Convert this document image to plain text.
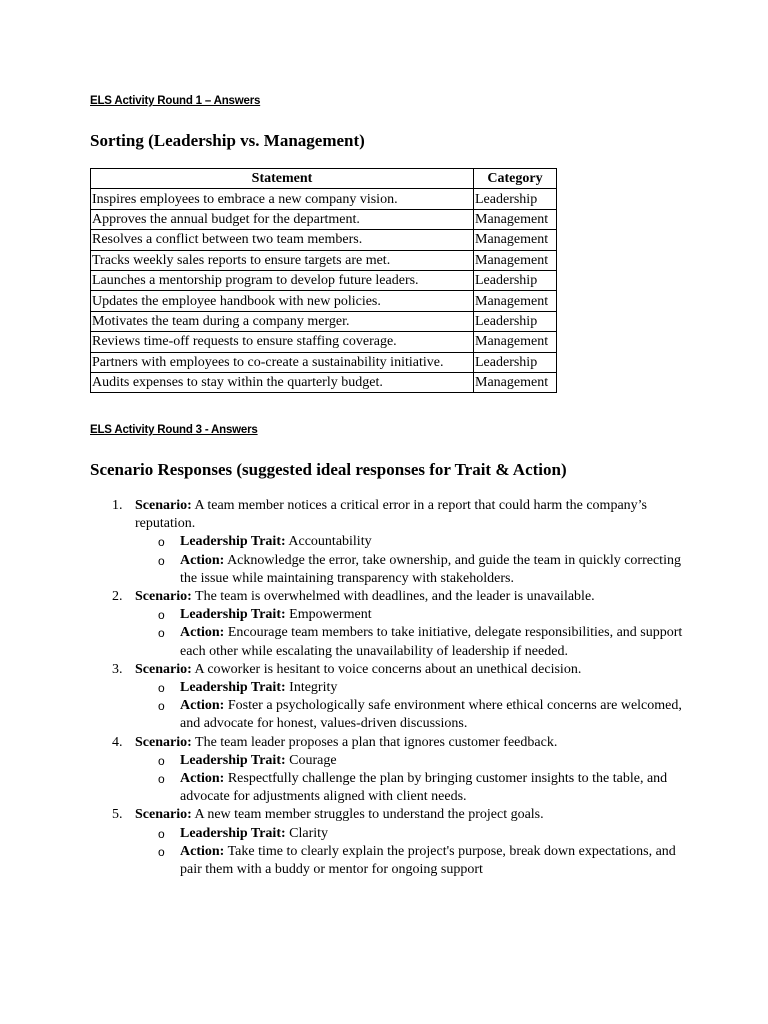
ELS Activity Round 1 – Answers
Sorting (Leadership vs. Management)
Statement	Category
Inspires employees to embrace a new company vision.	Leadership
Approves the annual budget for the department.	Management
Resolves a conflict between two team members.	Management
Tracks weekly sales reports to ensure targets are met.	Management
Launches a mentorship program to develop future leaders.	Leadership
Updates the employee handbook with new policies.	Management
Motivates the team during a company merger.	Leadership
Reviews time-off requests to ensure staffing coverage.	Management
Partners with employees to co-create a sustainability initiative.	Leadership
Audits expenses to stay within the quarterly budget.	Management
ELS Activity Round 3 - Answers
Scenario Responses (suggested ideal responses for Trait & Action)
1. Scenario: A team member notices a critical error in a report that could harm the company’s reputation.
o Leadership Trait: Accountability
o Action: Acknowledge the error, take ownership, and guide the team in quickly correcting the issue while maintaining transparency with stakeholders.
2. Scenario: The team is overwhelmed with deadlines, and the leader is unavailable.
o Leadership Trait: Empowerment
o Action: Encourage team members to take initiative, delegate responsibilities, and support each other while escalating the unavailability of leadership if needed.
3. Scenario: A coworker is hesitant to voice concerns about an unethical decision.
o Leadership Trait: Integrity
o Action: Foster a psychologically safe environment where ethical concerns are welcomed, and advocate for honest, values-driven discussions.
4. Scenario: The team leader proposes a plan that ignores customer feedback.
o Leadership Trait: Courage
o Action: Respectfully challenge the plan by bringing customer insights to the table, and advocate for adjustments aligned with client needs.
5. Scenario: A new team member struggles to understand the project goals.
o Leadership Trait: Clarity
o Action: Take time to clearly explain the project's purpose, break down expectations, and pair them with a buddy or mentor for ongoing support
